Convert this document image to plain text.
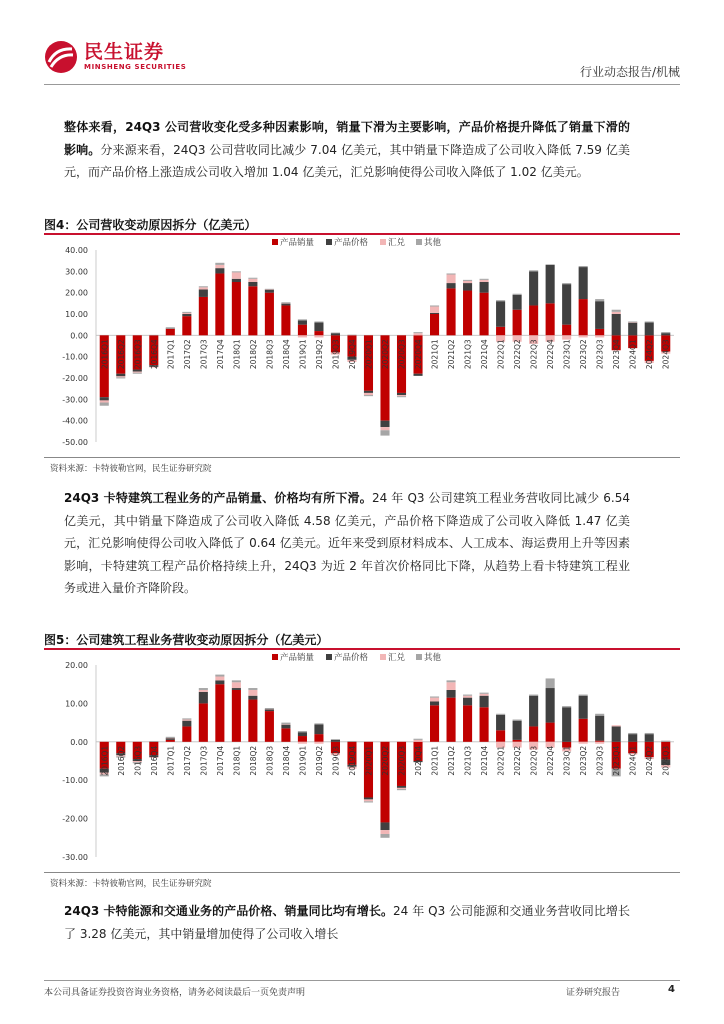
民生证券
MINSHENG SECURITIES	行业动态报告/机械
整体来看，24Q3 公司营收变化受多种因素影响，销量下滑为主要影响，产品价格提升降低了销量下滑的影响。分来源来看，24Q3 公司营收同比减少 7.04 亿美元，其中销量下降造成了公司收入降低 7.59 亿美元，而产品价格上涨造成公司收入增加 1.04 亿美元，汇兑影响使得公司收入降低了 1.02 亿美元。
图4：公司营收变动原因拆分（亿美元）
40.00
30.00
20.00
10.00
0.00
-10.00
-20.00
-30.00
-40.00
-50.00
2016Q1 2016Q2 2016Q3 2016Q4 2017Q1 2017Q2 2017Q3 2017Q4 2018Q1 2018Q2 2018Q3 2018Q4 2019Q1 2019Q2 2019Q3 2019Q4 2020Q1 2020Q2 2020Q3 2020Q4 2021Q1 2021Q2 2021Q3 2021Q4 2022Q1 2022Q2 2022Q3 2022Q4 2023Q1 2023Q2 2023Q3 2023Q4 2024Q1 2024Q2 2024Q3
产品销量 产品价格 汇兑 其他
资料来源：卡特彼勒官网，民生证券研究院
24Q3 卡特建筑工程业务的产品销量、价格均有所下滑。24 年 Q3 公司建筑工程业务营收同比减少 6.54 亿美元，其中销量下降造成了公司收入降低 4.58 亿美元，产品价格下降造成了公司收入降低 1.47 亿美元，汇兑影响使得公司收入降低了 0.64 亿美元。近年来受到原材料成本、人工成本、海运费用上升等因素影响，卡特建筑工程产品价格持续上升，24Q3 为近 2 年首次价格同比下降，从趋势上看卡特建筑工程业务或进入量价齐降阶段。
图5：公司建筑工程业务营收变动原因拆分（亿美元）
20.00
10.00
0.00
-10.00
-20.00
-30.00
2016Q1 2016Q2 2016Q3 2016Q4 2017Q1 2017Q2 2017Q3 2017Q4 2018Q1 2018Q2 2018Q3 2018Q4 2019Q1 2019Q2 2019Q3 2019Q4 2020Q1 2020Q2 2020Q3 2020Q4 2021Q1 2021Q2 2021Q3 2021Q4 2022Q1 2022Q2 2022Q3 2022Q4 2023Q1 2023Q2 2023Q3 2023Q4 2024Q1 2024Q2 2024Q3
产品销量 产品价格 汇兑 其他
资料来源：卡特彼勒官网，民生证券研究院
24Q3 卡特能源和交通业务的产品价格、销量同比均有增长。24 年 Q3 公司能源和交通业务营收同比增长了 3.28 亿美元，其中销量增加使得了公司收入增长
本公司具备证券投资咨询业务资格，请务必阅读最后一页免责声明	证券研究报告	4
